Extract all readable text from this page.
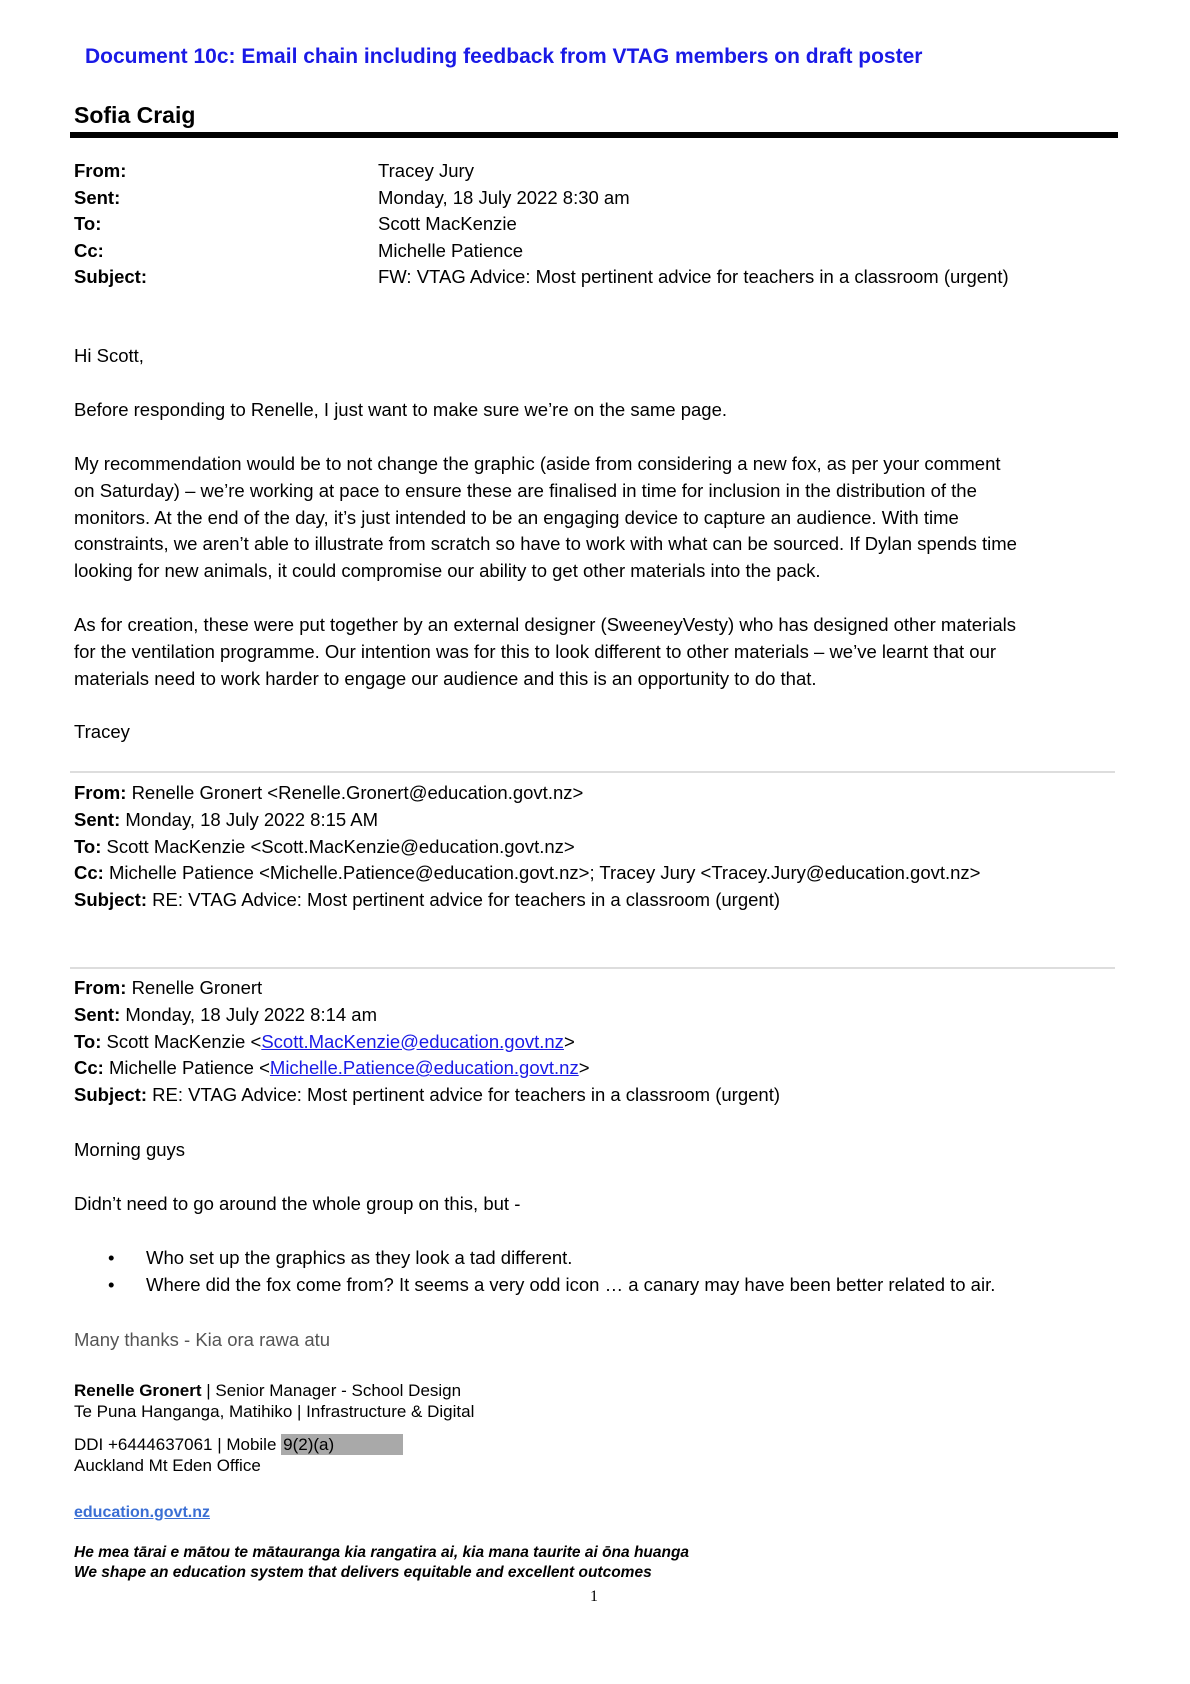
Document 10c: Email chain including feedback from VTAG members on draft poster
Sofia Craig
From:	Tracey Jury
Sent:	Monday, 18 July 2022 8:30 am
To:	Scott MacKenzie
Cc:	Michelle Patience
Subject:	FW: VTAG Advice: Most pertinent advice for teachers in a classroom (urgent)
Hi Scott,
Before responding to Renelle, I just want to make sure we’re on the same page.
My recommendation would be to not change the graphic (aside from considering a new fox, as per your comment
on Saturday) – we’re working at pace to ensure these are finalised in time for inclusion in the distribution of the
monitors. At the end of the day, it’s just intended to be an engaging device to capture an audience. With time
constraints, we aren’t able to illustrate from scratch so have to work with what can be sourced. If Dylan spends time
looking for new animals, it could compromise our ability to get other materials into the pack.
As for creation, these were put together by an external designer (SweeneyVesty) who has designed other materials
for the ventilation programme. Our intention was for this to look different to other materials – we’ve learnt that our
materials need to work harder to engage our audience and this is an opportunity to do that.
Tracey
From: Renelle Gronert <Renelle.Gronert@education.govt.nz>
Sent: Monday, 18 July 2022 8:15 AM
To: Scott MacKenzie <Scott.MacKenzie@education.govt.nz>
Cc: Michelle Patience <Michelle.Patience@education.govt.nz>; Tracey Jury <Tracey.Jury@education.govt.nz>
Subject: RE: VTAG Advice: Most pertinent advice for teachers in a classroom (urgent)
From: Renelle Gronert
Sent: Monday, 18 July 2022 8:14 am
To: Scott MacKenzie <Scott.MacKenzie@education.govt.nz>
Cc: Michelle Patience <Michelle.Patience@education.govt.nz>
Subject: RE: VTAG Advice: Most pertinent advice for teachers in a classroom (urgent)
Morning guys
Didn’t need to go around the whole group on this, but -
• Who set up the graphics as they look a tad different.
• Where did the fox come from? It seems a very odd icon … a canary may have been better related to air.
Many thanks - Kia ora rawa atu
Renelle Gronert | Senior Manager - School Design
Te Puna Hanganga, Matihiko | Infrastructure & Digital
DDI +6444637061 | Mobile 9(2)(a)
Auckland Mt Eden Office
education.govt.nz
He mea tārai e mātou te mātauranga kia rangatira ai, kia mana taurite ai ōna huanga
We shape an education system that delivers equitable and excellent outcomes
1
